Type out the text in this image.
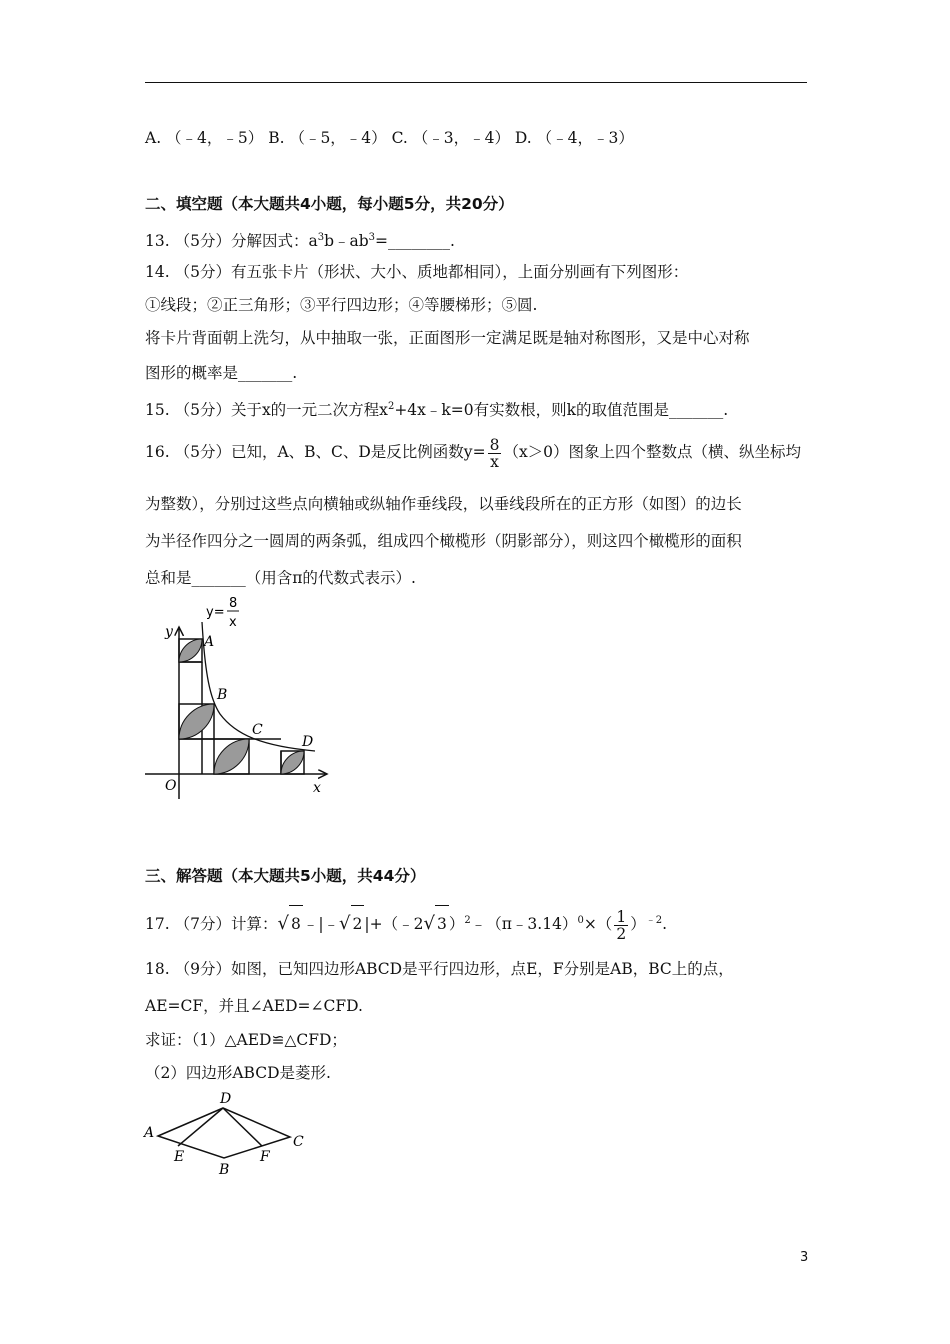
A. （﹣4，﹣5） B. （﹣5，﹣4） C. （﹣3，﹣4） D. （﹣4，﹣3）
二、填空题（本大题共4小题，每小题5分，共20分）
13. （5分）分解因式：$a^3b﹣ab^3=\_\_\_\_\_\_\_\_$.
14. （5分）有五张卡片（形状、大小、质地都相同），上面分别画有下列图形：
①线段；②正三角形；③平行四边形；④等腰梯形；⑤圆.
将卡片背面朝上洗匀，从中抽取一张，正面图形一定满足既是轴对称图形，又是中心对称
图形的概率是_______.
15. （5分）关于x的一元二次方程$x^2+4x﹣k=0$有实数根，则k的取值范围是_______.
16. （5分）已知，A、B、C、D是反比例函数$y= \frac{8}{x} (x>0)$图象上四个整数点（横、纵坐标均
为整数），分别过这些点向横轴或纵轴作垂线段，以垂线段所在的正方形（如图）的边长
为半径作四分之一圆周的两条弧，组成四个橄榄形（阴影部分），则这四个橄榄形的面积
总和是_______（用含π的代数式表示）.
y
x
O
A
B
C
D
y=
8
x
三、解答题（本大题共5小题，共44分）
17. （7分）计算：√ 8 ﹣|﹣√ 2 |+（﹣2√ 3 ）$^2$﹣（π﹣3.14）$^0$×（ $\frac{1}{2} )^{﹣2}$.
18. （9分）如图，已知四边形ABCD是平行四边形，点E，F分别是AB，BC上的点，
AE=CF，并且∠AED=∠CFD.
求证：（1）△AED≌△CFD；
（2）四边形ABCD是菱形.
A
D
C
B
E	F
3
